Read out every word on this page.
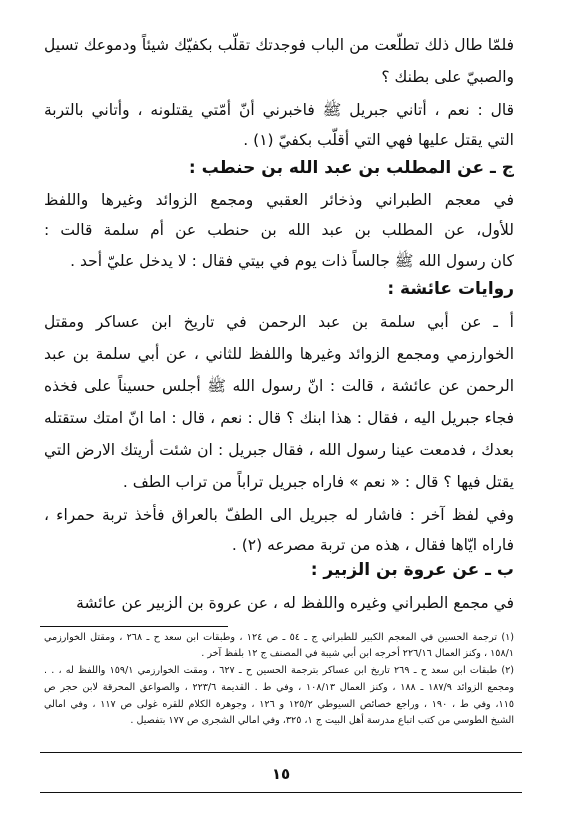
فلمّا طال ذلك تطلّعت من الباب فوجدتك تقلّب بكفيّك شيئاً ودموعك تسيل
والصبيّ على بطنك ؟
قال : نعم ، أتاني جبريل ﷺ فاخبرني أنّ أمّتي يقتلونه ، وأتاني بالتربة
التي يقتل عليها فهي التي أقلّب بكفيّ (١) .
ج ـ عن المطلب بن عبد الله بن حنطب :
في معجم الطبراني وذخائر العقبي ومجمع الزوائد وغيرها واللفظ
للأول، عن المطلب بن عبد الله بن حنطب عن أم سلمة قالت :
كان رسول الله ﷺ جالساً ذات يوم في بيتي فقال : لا يدخل عليّ أحد .
روايات عائشة :
أ ـ عن أبي سلمة بن عبد الرحمن في تاريخ ابن عساكر ومقتل
الخوارزمي ومجمع الزوائد وغيرها واللفظ للثاني ، عن أبي سلمة بن عبد
الرحمن عن عائشة ، قالت : انّ رسول الله ﷺ أجلس حسيناً على فخذه
فجاء جبريل اليه ، فقال : هذا ابنك ؟ قال : نعم ، قال : اما انّ امتك ستقتله
بعدك ، فدمعت عينا رسول الله ، فقال جبريل : ان شئت أريتك الارض التي
يقتل فيها ؟ قال : « نعم » فاراه جبريل تراباً من تراب الطف .
وفي لفظ آخر : فاشار له جبريل الى الطفّ بالعراق فأخذ تربة حمراء ،
فاراه ايّاها فقال ، هذه من تربة مصرعه (٢) .
ب ـ عن عروة بن الزبير :
في مجمع الطبراني وغيره واللفظ له ، عن عروة بن الزبير عن عائشة
(١) ترجمة الحسين في المعجم الكبير للطبراني ج ـ ٥٤ ـ ص ١٢٤ ، وطبقات ابن سعد ح ـ ٢٦٨ ، ومقتل الخوارزمي
١٥٨/١ ، وكنز العمال ٢٢٦/١٦ أخرجه ابن أبي شيبة في المصنف ج ١٢ بلفظ آخر .
(٢) طبقات ابن سعد ح ـ ٢٦٩ تاريخ ابن عساكر بترجمة الحسين ح ـ ٦٢٧ ، ومقت الخوارزمي ١٥٩/١ واللفظ له ، . .
ومجمع الزوائد ١٨٧/٩ ـ ١٨٨ ، وكنز العمال ١٠٨/١٣ ، وفي ط . القديمة ٢٢٣/٦ ، والصواعق المحرقة لابن حجر ص
١١٥، وفي ط ، ١٩٠ ، وراجع خصائص السيوطي ١٢٥/٢ و ١٢٦ ، وجوهرة الكلام للقره غولى ص ١١٧ ، وفي امالي
الشيخ الطوسي من كتب اتباع مدرسة أهل البيت ج ١، ٣٢٥، وفي امالي الشجرى ص ١٧٧ بتفصيل .
١٥
